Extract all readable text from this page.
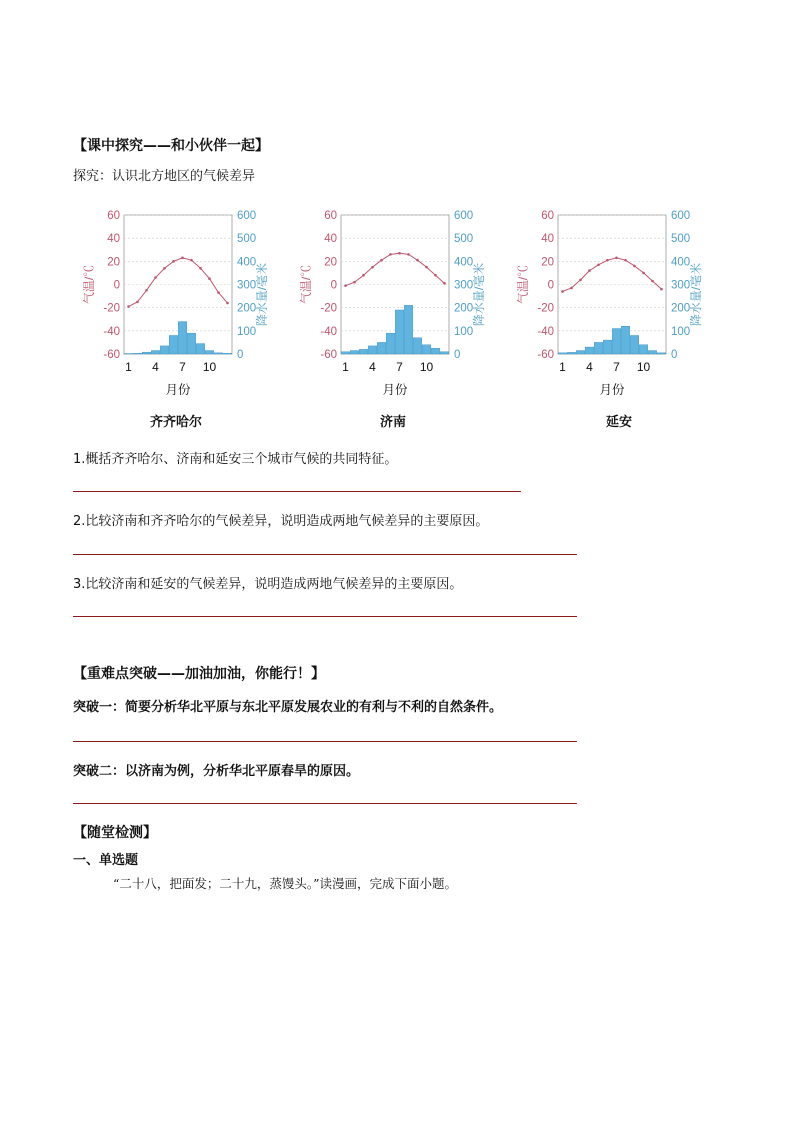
【课中探究——和小伙伴一起】
探究：认识北方地区的气候差异
60
40
20
0
-20
-40
-60
600
500
400
300
200
100
0
1 4 7 10
月份
气温/℃	降水量/毫米
60
40
20
0
-20
-40
-60
600
500
400
300
200
100
0
1 4 7 10
月份
气温/℃	降水量/毫米
60
40
20
0
-20
-40
-60
600
500
400
300
200
100
0
1 4 7 10
月份
气温/℃	降水量/毫米
齐齐哈尔	济南	延安
1.概括齐齐哈尔、济南和延安三个城市气候的共同特征。
2.比较济南和齐齐哈尔的气候差异，说明造成两地气候差异的主要原因。
3.比较济南和延安的气候差异，说明造成两地气候差异的主要原因。
【重难点突破——加油加油，你能行！】
突破一：简要分析华北平原与东北平原发展农业的有利与不利的自然条件。
突破二：以济南为例，分析华北平原春旱的原因。
【随堂检测】
一、单选题
“二十八，把面发；二十九，蒸馒头。”读漫画，完成下面小题。
